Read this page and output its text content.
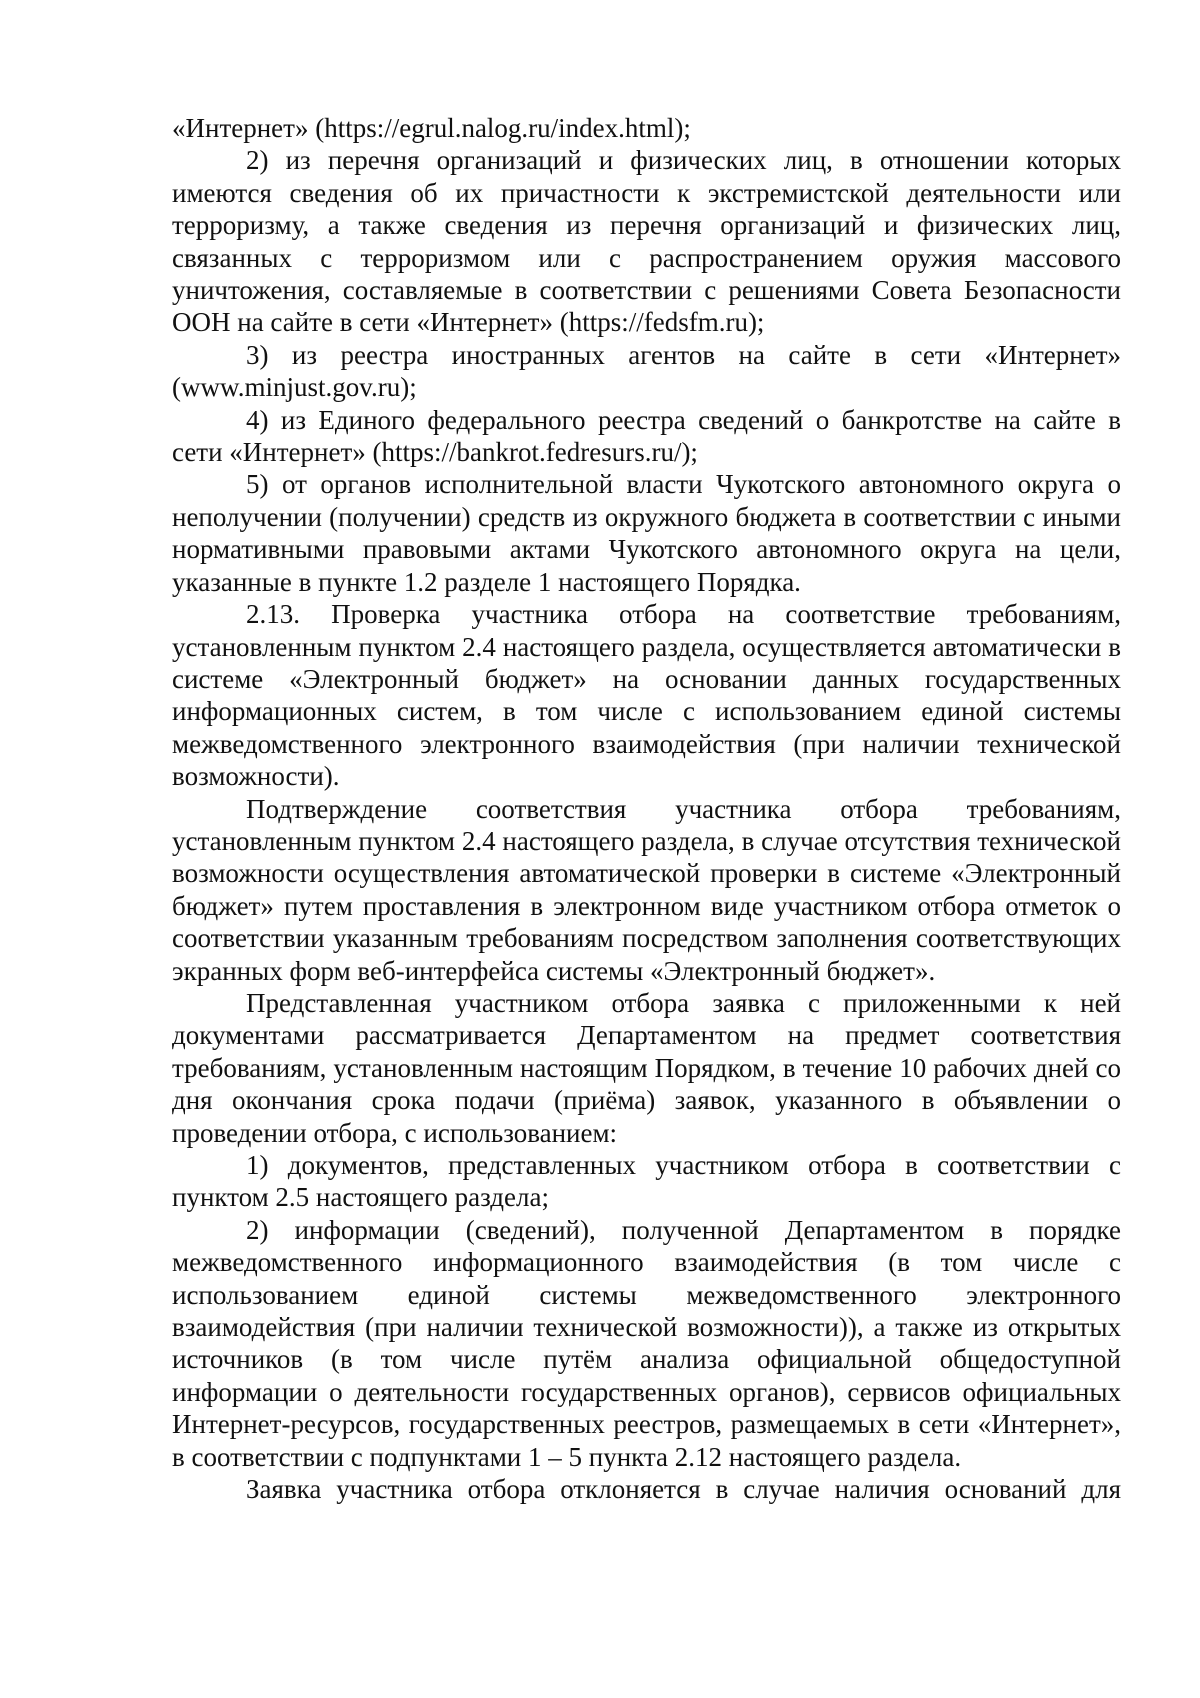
«Интернет» (https://egrul.nalog.ru/index.html);

2) из перечня организаций и физических лиц, в отношении которых имеются сведения об их причастности к экстремистской деятельности или терроризму, а также сведения из перечня организаций и физических лиц, связанных с терроризмом или с распространением оружия массового уничтожения, составляемые в соответствии с решениями Совета Безопасности ООН на сайте в сети «Интернет» (https://fedsfm.ru);

3) из реестра иностранных агентов на сайте в сети «Интернет» (www.minjust.gov.ru);

4) из Единого федерального реестра сведений о банкротстве на сайте в сети «Интернет» (https://bankrot.fedresurs.ru/);

5) от органов исполнительной власти Чукотского автономного округа о неполучении (получении) средств из окружного бюджета в соответствии с иными нормативными правовыми актами Чукотского автономного округа на цели, указанные в пункте 1.2 разделе 1 настоящего Порядка.

2.13. Проверка участника отбора на соответствие требованиям, установленным пунктом 2.4 настоящего раздела, осуществляется автоматически в системе «Электронный бюджет» на основании данных государственных информационных систем, в том числе с использованием единой системы межведомственного электронного взаимодействия (при наличии технической возможности).

Подтверждение соответствия участника отбора требованиям, установленным пунктом 2.4 настоящего раздела, в случае отсутствия технической возможности осуществления автоматической проверки в системе «Электронный бюджет» путем проставления в электронном виде участником отбора отметок о соответствии указанным требованиям посредством заполнения соответствующих экранных форм веб-интерфейса системы «Электронный бюджет».

Представленная участником отбора заявка с приложенными к ней документами рассматривается Департаментом на предмет соответствия требованиям, установленным настоящим Порядком, в течение 10 рабочих дней со дня окончания срока подачи (приёма) заявок, указанного в объявлении о проведении отбора, с использованием:

1) документов, представленных участником отбора в соответствии с пунктом 2.5 настоящего раздела;

2) информации (сведений), полученной Департаментом в порядке межведомственного информационного взаимодействия (в том числе с использованием единой системы межведомственного электронного взаимодействия (при наличии технической возможности)), а также из открытых источников (в том числе путём анализа официальной общедоступной информации о деятельности государственных органов), сервисов официальных Интернет-ресурсов, государственных реестров, размещаемых в сети «Интернет», в соответствии с подпунктами 1 – 5 пункта 2.12 настоящего раздела.

Заявка участника отбора отклоняется в случае наличия оснований для
